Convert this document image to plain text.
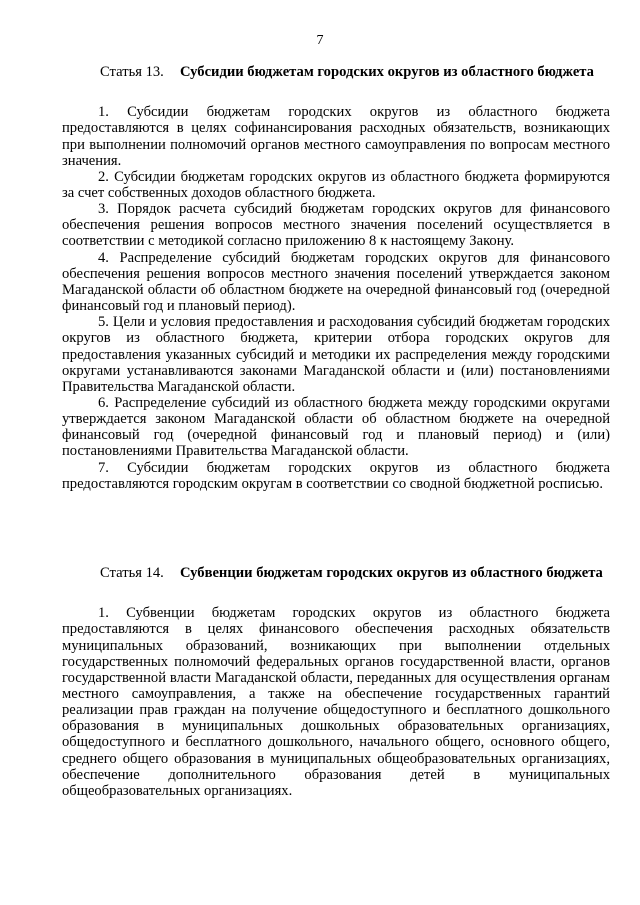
7
Статья 13.	Субсидии бюджетам городских округов из областного бюджета

1. Субсидии бюджетам городских округов из областного бюджета предоставляются в целях софинансирования расходных обязательств, возникающих при выполнении полномочий органов местного самоуправления по вопросам местного значения.

2. Субсидии бюджетам городских округов из областного бюджета формируются за счет собственных доходов областного бюджета.

3. Порядок расчета субсидий бюджетам городских округов для финансового обеспечения решения вопросов местного значения поселений осуществляется в соответствии с методикой согласно приложению 8 к настоящему Закону.

4. Распределение субсидий бюджетам городских округов для финансового обеспечения решения вопросов местного значения поселений утверждается законом Магаданской области об областном бюджете на очередной финансовый год (очередной финансовый год и плановый период).

5. Цели и условия предоставления и расходования субсидий бюджетам городских округов из областного бюджета, критерии отбора городских округов для предоставления указанных субсидий и методики их распределения между городскими округами устанавливаются законами Магаданской области и (или) постановлениями Правительства Магаданской области.

6. Распределение субсидий из областного бюджета между городскими округами утверждается законом Магаданской области об областном бюджете на очередной финансовый год (очередной финансовый год и плановый период) и (или) постановлениями Правительства Магаданской области.

7. Субсидии бюджетам городских округов из областного бюджета предоставляются городским округам в соответствии со сводной бюджетной росписью.

Статья 14.	Субвенции бюджетам городских округов из областного бюджета

1. Субвенции бюджетам городских округов из областного бюджета предоставляются в целях финансового обеспечения расходных обязательств муниципальных образований, возникающих при выполнении отдельных государственных полномочий федеральных органов государственной власти, органов государственной власти Магаданской области, переданных для осуществления органам местного самоуправления, а также на обеспечение государственных гарантий реализации прав граждан на получение общедоступного и бесплатного дошкольного образования в муниципальных дошкольных образовательных организациях, общедоступного и бесплатного дошкольного, начального общего, основного общего, среднего общего образования в муниципальных общеобразовательных организациях, обеспечение дополнительного образования детей в муниципальных общеобразовательных организациях.
